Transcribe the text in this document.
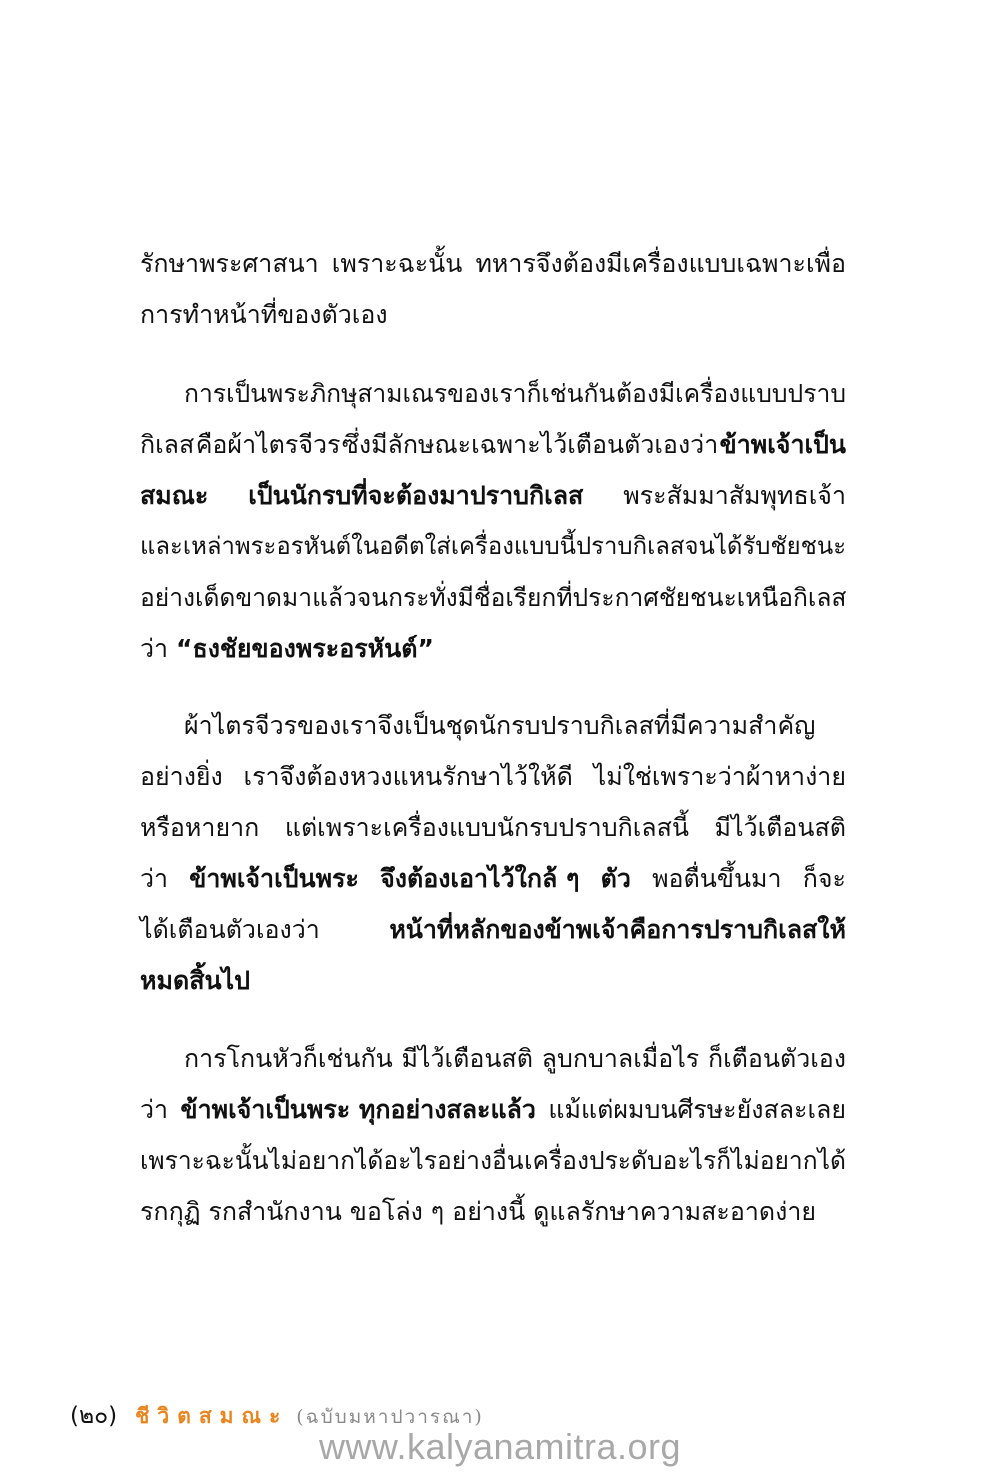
รักษาพระศาสนา เพราะฉะนั้น ทหารจึงต้องมีเครื่องแบบเฉพาะเพื่อ
การทำหน้าที่ของตัวเอง
การเป็นพระภิกษุสามเณรของเราก็เช่นกัน ต้องมีเครื่องแบบปราบ
กิเลส คือผ้าไตรจีวร ซึ่งมีลักษณะเฉพาะไว้เตือนตัวเองว่า ข้าพเจ้าเป็น
สมณะ เป็นนักรบที่จะต้องมาปราบกิเลส พระสัมมาสัมพุทธเจ้า
และเหล่าพระอรหันต์ในอดีตใส่เครื่องแบบนี้ปราบกิเลสจนได้รับชัยชนะ
อย่างเด็ดขาดมาแล้ว จนกระทั่งมีชื่อเรียกที่ประกาศชัยชนะเหนือกิเลส
ว่า “ธงชัยของพระอรหันต์”
ผ้าไตรจีวรของเราจึงเป็นชุดนักรบปราบกิเลสที่มีความสำคัญ
อย่างยิ่ง เราจึงต้องหวงแหนรักษาไว้ให้ดี ไม่ใช่เพราะว่าผ้าหาง่าย
หรือหายาก แต่เพราะเครื่องแบบนักรบปราบกิเลสนี้ มีไว้เตือนสติ
ว่า ข้าพเจ้าเป็นพระ จึงต้องเอาไว้ใกล้ ๆ ตัว พอตื่นขึ้นมา ก็จะ
ได้เตือนตัวเองว่า	หน้าที่หลักของข้าพเจ้าคือการปราบกิเลสให้
หมดสิ้นไป
การโกนหัวก็เช่นกัน มีไว้เตือนสติ ลูบกบาลเมื่อไร ก็เตือนตัวเอง
ว่า ข้าพเจ้าเป็นพระ ทุกอย่างสละแล้ว แม้แต่ผมบนศีรษะยังสละเลย
เพราะฉะนั้นไม่อยากได้อะไรอย่างอื่น เครื่องประดับอะไรก็ไม่อยากได้
รกกุฏิ รกสำนักงาน ขอโล่ง ๆ อย่างนี้ ดูแลรักษาความสะอาดง่าย
(๒๐) ชีวิตสมณะ (ฉบับมหาปวารณา)
www.kalyanamitra.org
